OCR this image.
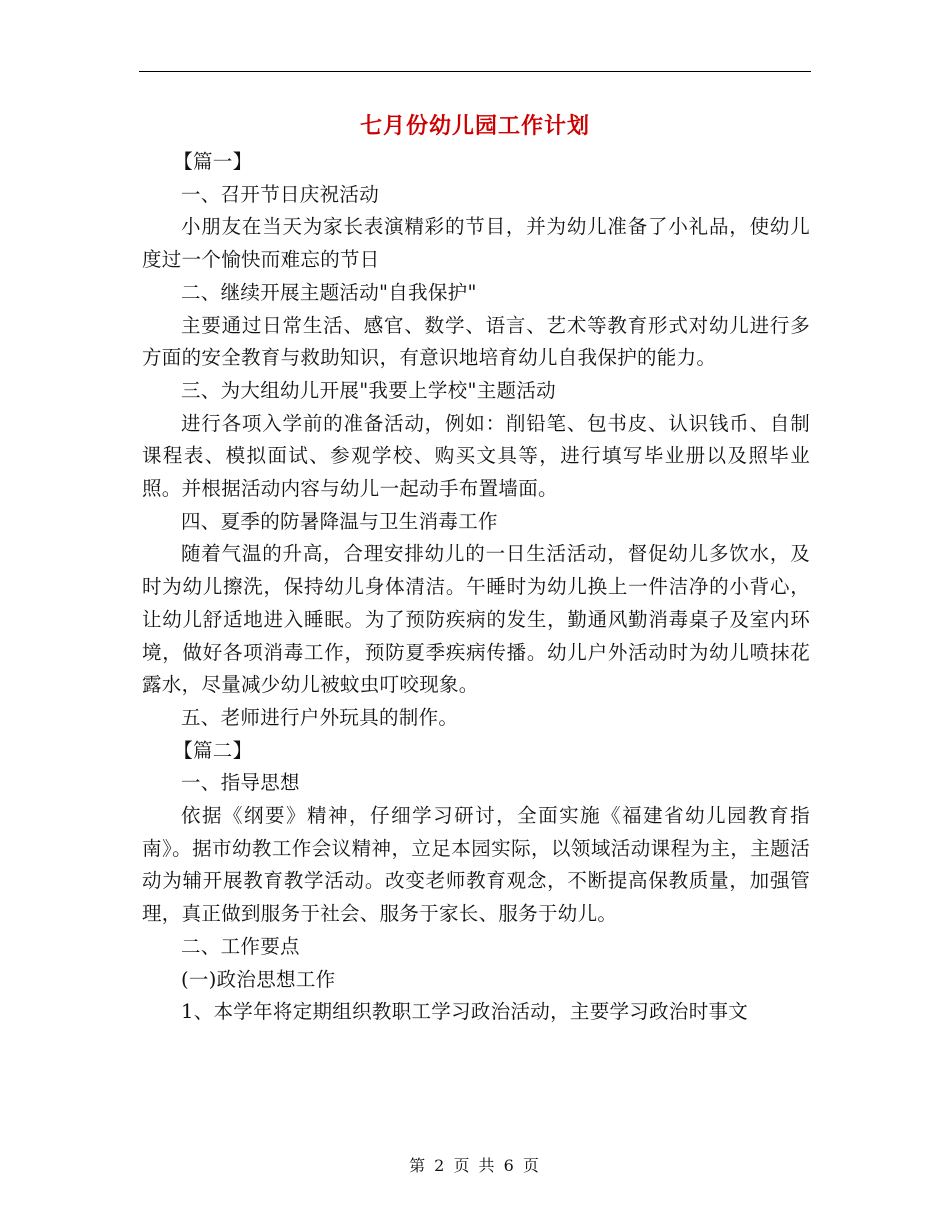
七月份幼儿园工作计划

【篇一】

一、召开节日庆祝活动

小朋友在当天为家长表演精彩的节目，并为幼儿准备了小礼品，使幼儿度过一个愉快而难忘的节日

二、继续开展主题活动"自我保护"

主要通过日常生活、感官、数学、语言、艺术等教育形式对幼儿进行多方面的安全教育与救助知识，有意识地培育幼儿自我保护的能力。

三、为大组幼儿开展"我要上学校"主题活动

进行各项入学前的准备活动，例如：削铅笔、包书皮、认识钱币、自制课程表、模拟面试、参观学校、购买文具等，进行填写毕业册以及照毕业照。并根据活动内容与幼儿一起动手布置墙面。

四、夏季的防暑降温与卫生消毒工作

随着气温的升高，合理安排幼儿的一日生活活动，督促幼儿多饮水，及时为幼儿擦洗，保持幼儿身体清洁。午睡时为幼儿换上一件洁净的小背心，让幼儿舒适地进入睡眠。为了预防疾病的发生，勤通风勤消毒桌子及室内环境，做好各项消毒工作，预防夏季疾病传播。幼儿户外活动时为幼儿喷抹花露水，尽量减少幼儿被蚊虫叮咬现象。

五、老师进行户外玩具的制作。

【篇二】

一、指导思想

依据《纲要》精神，仔细学习研讨，全面实施《福建省幼儿园教育指南》。据市幼教工作会议精神，立足本园实际，以领域活动课程为主，主题活动为辅开展教育教学活动。改变老师教育观念，不断提高保教质量，加强管理，真正做到服务于社会、服务于家长、服务于幼儿。

二、工作要点

(一)政治思想工作

1、本学年将定期组织教职工学习政治活动，主要学习政治时事文

第 2 页 共 6 页
